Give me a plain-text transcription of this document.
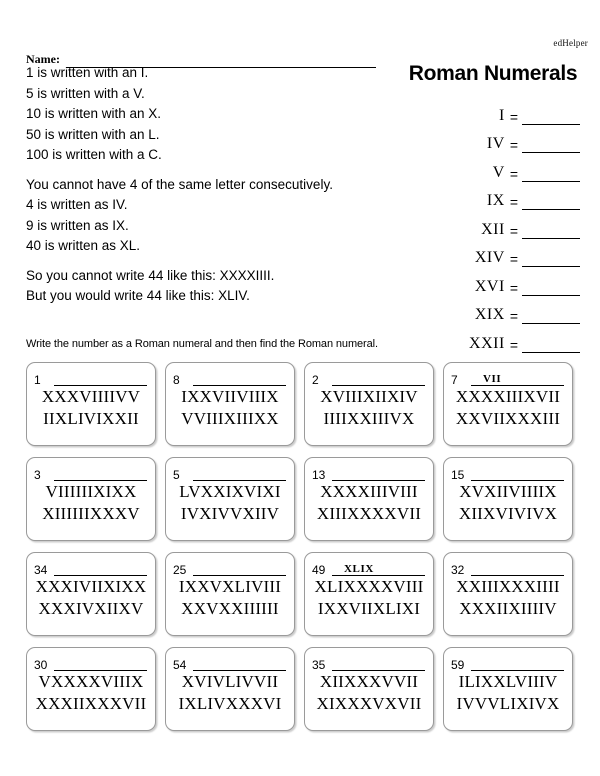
edHelper
Name:
Roman Numerals

1 is written with an I.

5 is written with a V.

10 is written with an X.

50 is written with an L.

100 is written with a C.

You cannot have 4 of the same letter consecutively.

4 is written as IV.

9 is written as IX.

40 is written as XL.

So you cannot write 44 like this: XXXXIIII.

But you would write 44 like this: XLIV.

I =
IV =
V =
IX =
XII =
XIV =
XVI =
XIX =
XXII =
Write the number as a Roman numeral and then find the Roman numeral.
1
XXXVIIIIVV
IIXLIVIXXII
8
IXXVIIVIIIX
VVIIIXIIIXX
2
XVIIIXIIXIV
IIIIXXIIIVX
7	VII
XXXXIIIXVII
XXVIIXXXIII
3
VIIIIIIXIXX
XIIIIIIXXXV
5
LVXXIXVIXI
IVXIVVXIIV
13
XXXXIIIVIII
XIIIXXXXVII
15
XVXIIVIIIIX
XIIXVIVIVX
34
XXXIVIIXIXX
XXXIVXIIXV
25
IXXVXLIVIII
XXVXXIIIIII
49	XLIX
XLIXXXXVIII
IXXVIIXLIXI
32
XXIIIXXXIIII
XXXIIXIIIIV
30
VXXXXVIIIX
XXXIIXXXVII
54
XVIVLIVVII
IXLIVXXXVI
35
XIIXXXVVII
XIXXXVXVII
59
ILIXXLVIIIV
IVVVLIXIVX
